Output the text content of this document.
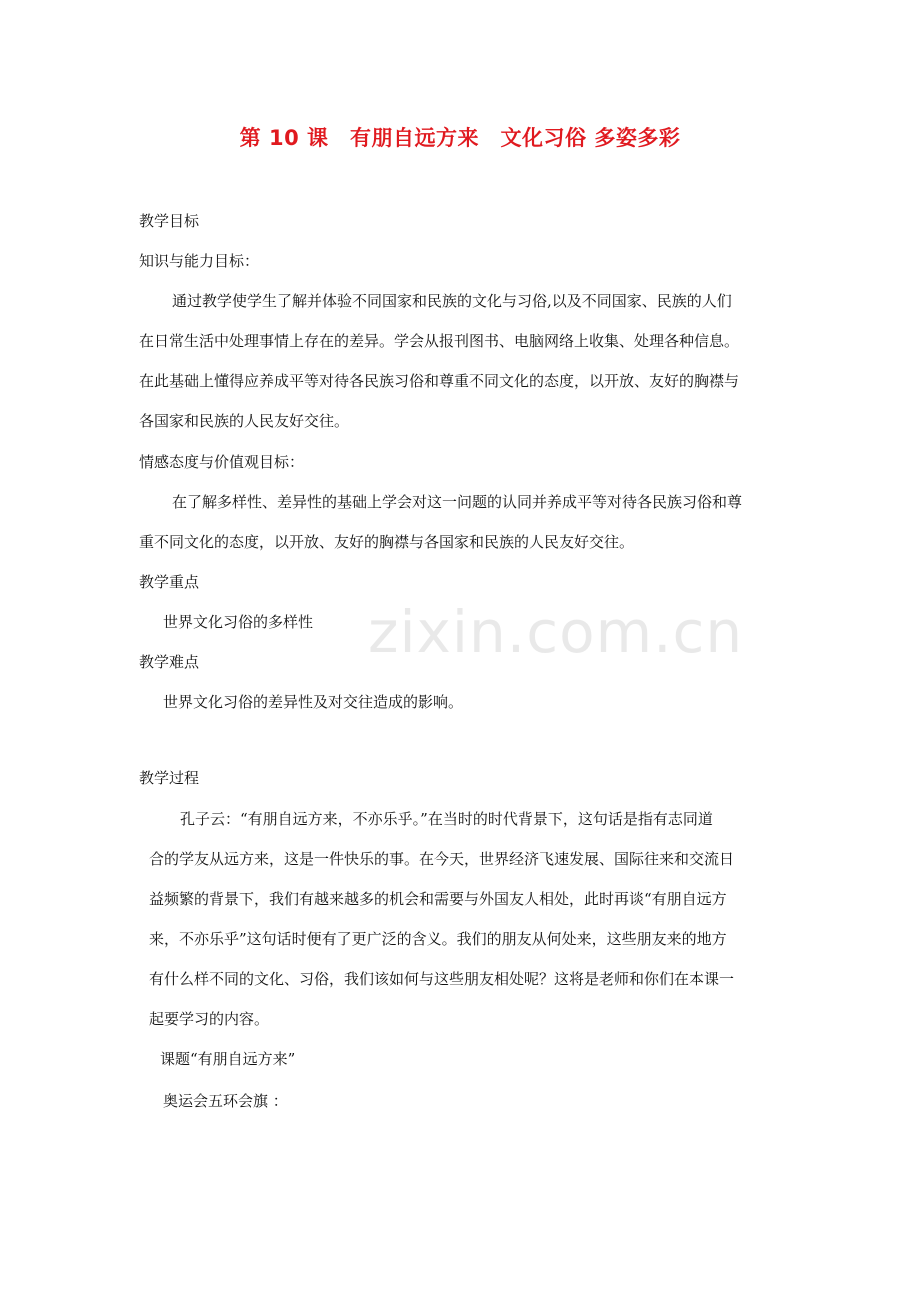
第 10 课　有朋自远方来　文化习俗 多姿多彩
zixin.com.cn
教学目标
知识与能力目标：
通过教学使学生了解并体验不同国家和民族的文化与习俗,以及不同国家、民族的人们
在日常生活中处理事情上存在的差异。学会从报刊图书、电脑网络上收集、处理各种信息。
在此基础上懂得应养成平等对待各民族习俗和尊重不同文化的态度，以开放、友好的胸襟与
各国家和民族的人民友好交往。
情感态度与价值观目标：
在了解多样性、差异性的基础上学会对这一问题的认同并养成平等对待各民族习俗和尊
重不同文化的态度，以开放、友好的胸襟与各国家和民族的人民友好交往。
教学重点
世界文化习俗的多样性
教学难点
世界文化习俗的差异性及对交往造成的影响。
教学过程
孔子云：“有朋自远方来，不亦乐乎。”在当时的时代背景下，这句话是指有志同道
合的学友从远方来，这是一件快乐的事。在今天，世界经济飞速发展、国际往来和交流日
益频繁的背景下，我们有越来越多的机会和需要与外国友人相处，此时再谈“有朋自远方
来，不亦乐乎”这句话时便有了更广泛的含义。我们的朋友从何处来，这些朋友来的地方
有什么样不同的文化、习俗，我们该如何与这些朋友相处呢？这将是老师和你们在本课一
起要学习的内容。
课题“有朋自远方来”
奥运会五环会旗 ：
